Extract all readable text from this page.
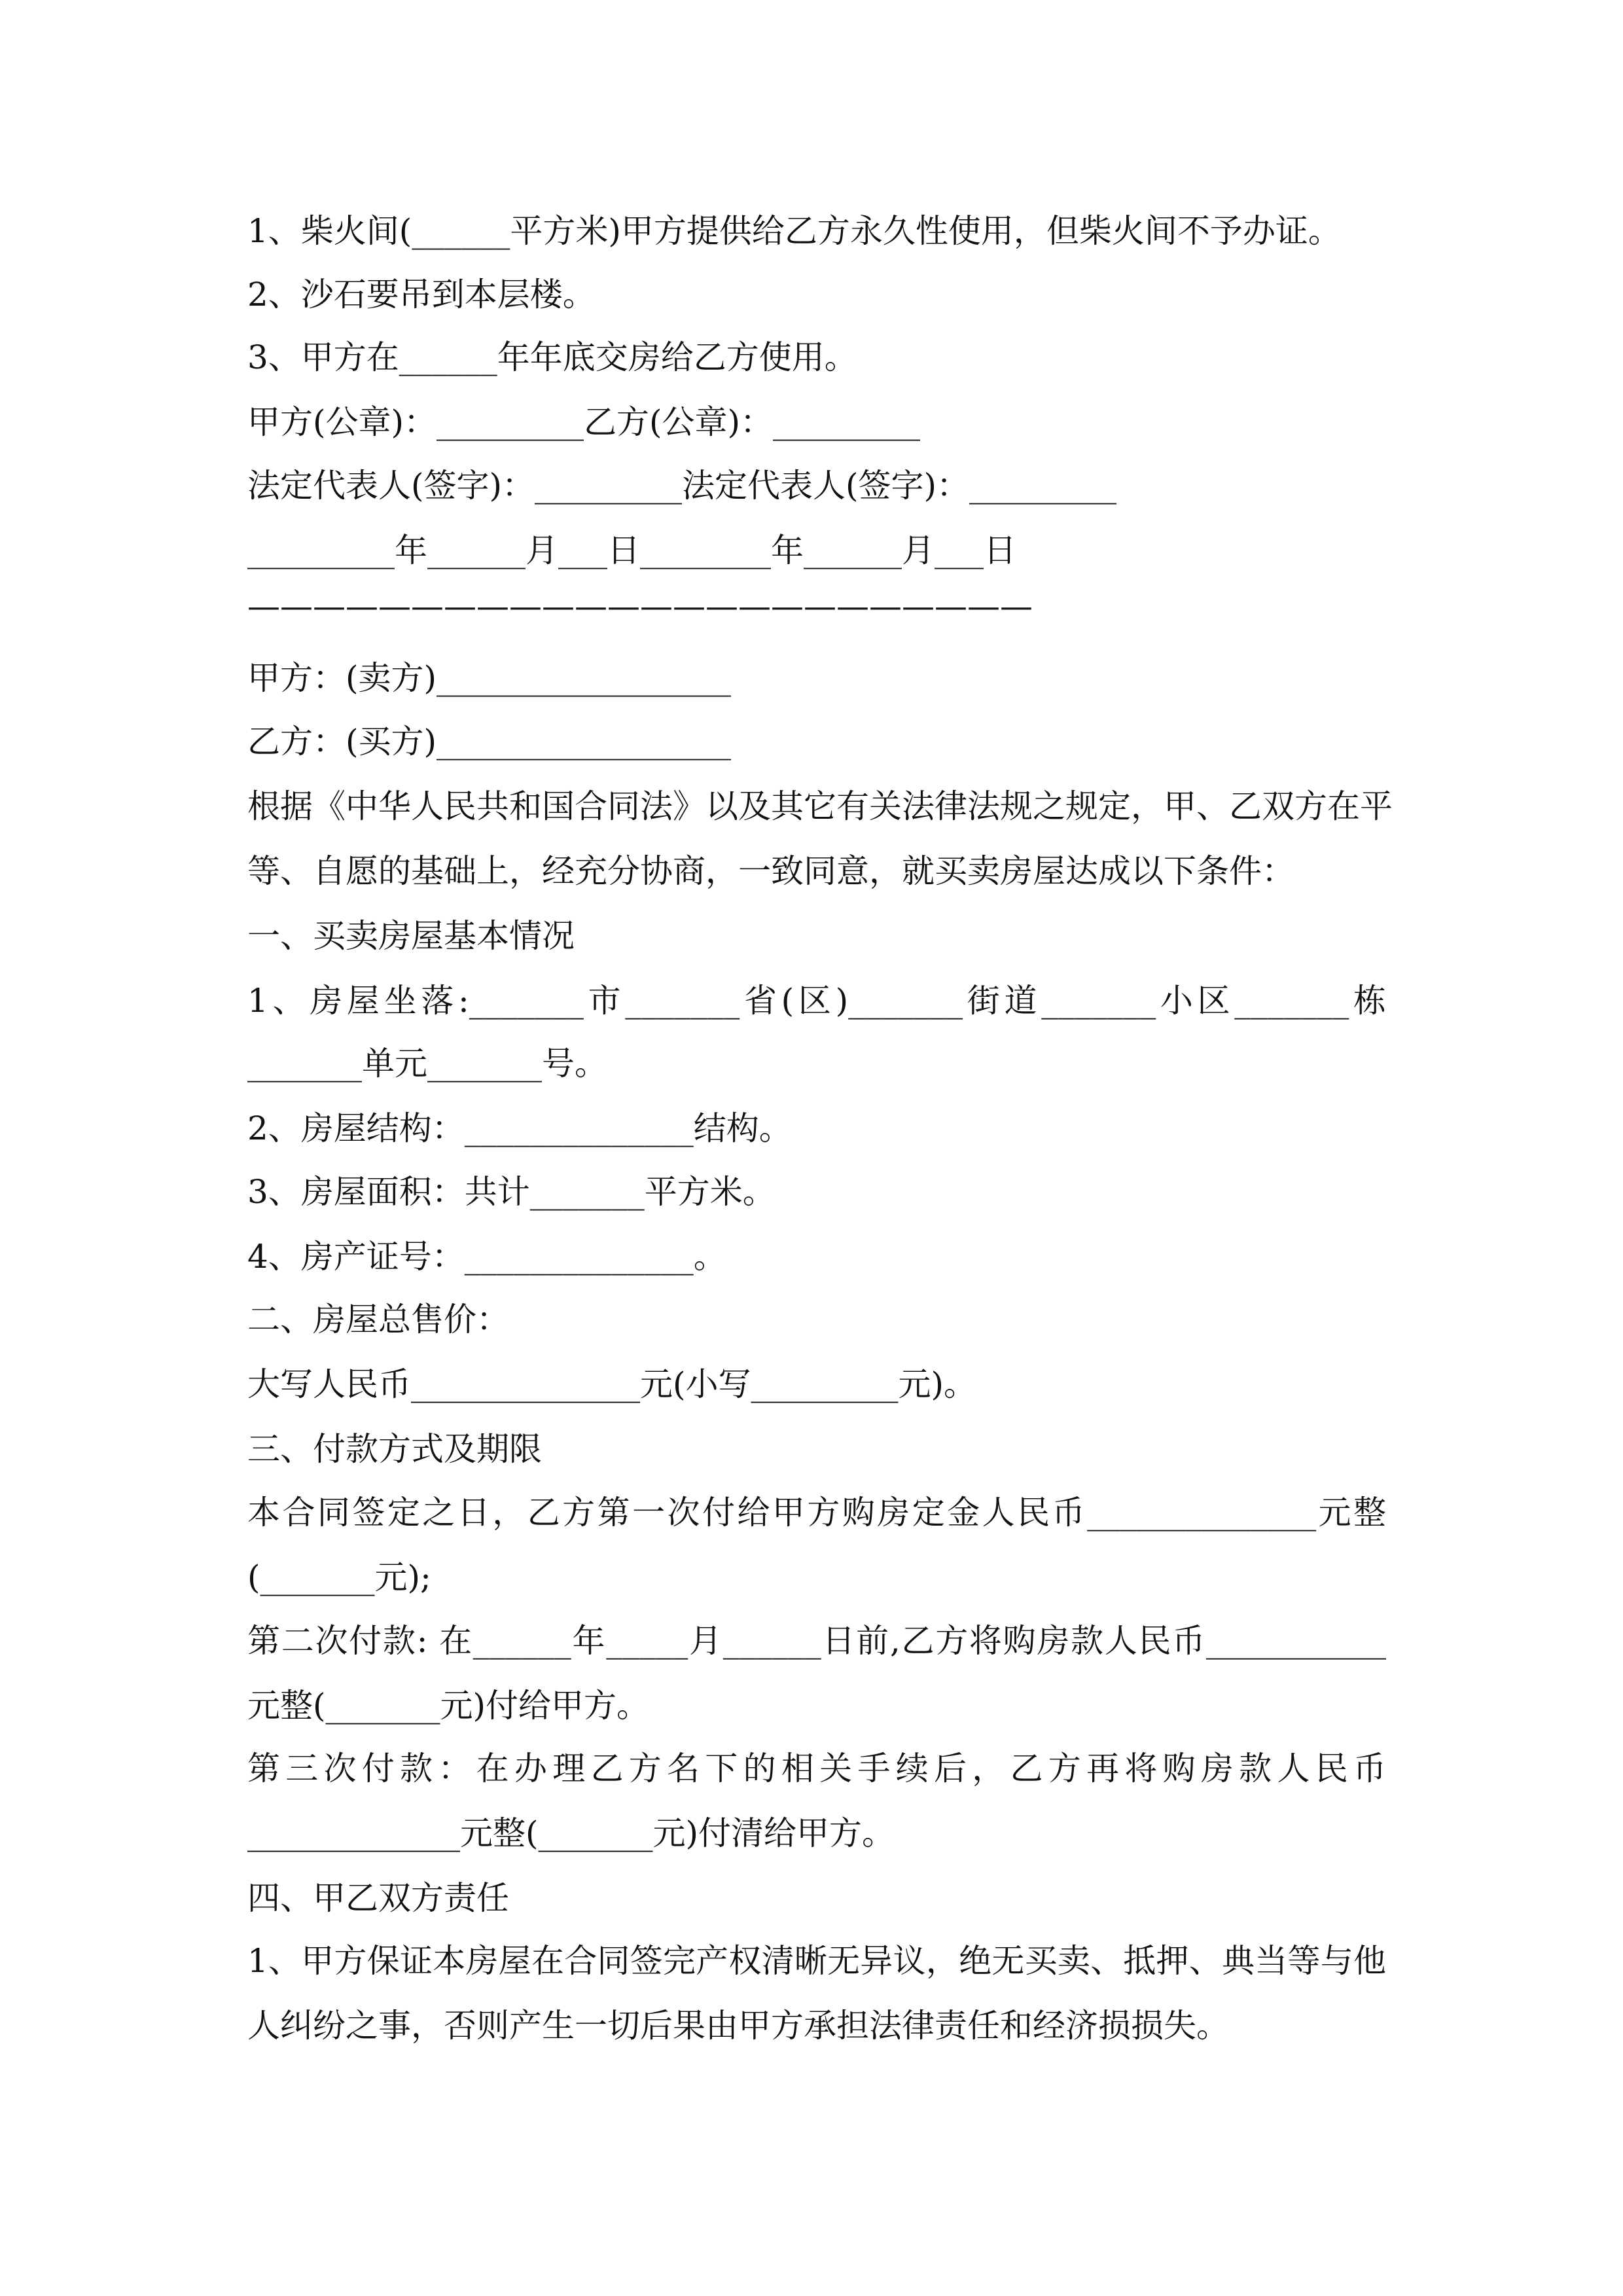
1、柴火间(______平方米)甲方提供给乙方永久性使用，但柴火间不予办证。
2、沙石要吊到本层楼。
3、甲方在______年年底交房给乙方使用。
甲方(公章)：_________乙方(公章)：_________
法定代表人(签字)：_________法定代表人(签字)：_________
_________年______月___日________年______月___日
————————————————————————
甲方：(卖方)__________________
乙方：(买方)__________________
根据《中华人民共和国合同法》以及其它有关法律法规之规定，甲、乙双方在平
等、自愿的基础上，经充分协商，一致同意，就买卖房屋达成以下条件：
一、买卖房屋基本情况
1、房屋坐落:_______市_______省(区)_______街道_______小区_______栋
_______单元_______号。
2、房屋结构：______________结构。
3、房屋面积：共计_______平方米。
4、房产证号：______________。
二、房屋总售价：
大写人民币______________元(小写_________元)。
三、付款方式及期限
本合同签定之日，乙方第一次付给甲方购房定金人民币______________元整
(_______元);
第二次付款: 在______年_____月______日前,乙方将购房款人民币___________
元整(_______元)付给甲方。
第三次付款：在办理乙方名下的相关手续后，乙方再将购房款人民币
_____________元整(_______元)付清给甲方。
四、甲乙双方责任
1、甲方保证本房屋在合同签完产权清晰无异议，绝无买卖、抵押、典当等与他
人纠纷之事，否则产生一切后果由甲方承担法律责任和经济损损失。
